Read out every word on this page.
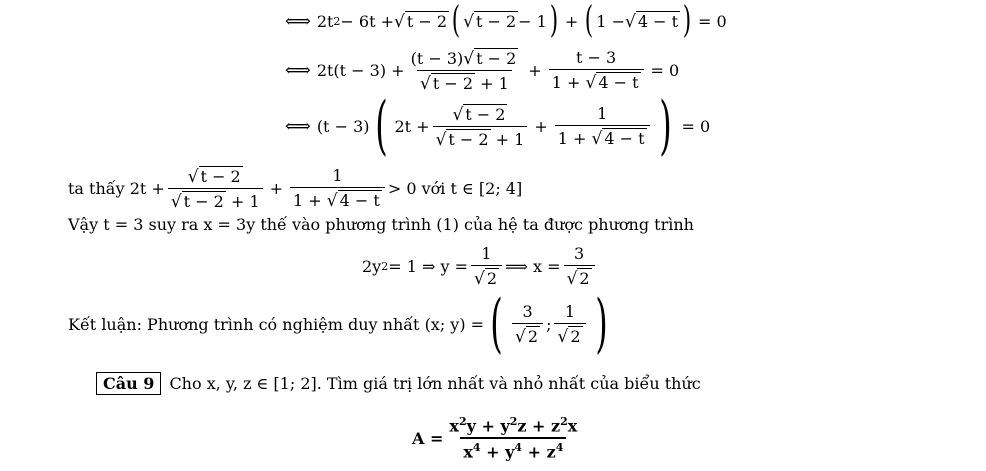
⟺ 2t 2 − 6t + √ t − 2 ( √ t − 2 − 1 ) + ( 1 − √ 4 − t ) = 0
⟺ $2t(t - 3) + \frac{(t - 3) √ t - 2}{√ t - 2 + 1} + \frac{t - 3}{1 + √ 4 - t} = 0$
⟺ (t − 3) ( $2t + \frac{√ t - 2}{√ t - 2 + 1} + \frac{1}{1 + √ 4 - t}$ ) = 0
ta thấy $2t + \frac{√ t - 2}{√ t - 2 + 1} + \frac{1}{1 + √ 4 - t} > 0$ với t ∈ [2; 4]
Vậy t = 3 suy ra x = 3y thế vào phương trình (1) của hệ ta được phương trình
2y 2 = 1 ⇒ $y = \frac{1}{√ 2}$ ⟹ $x = \frac{3}{√ 2}$
Kết luận: Phương trình có nghiệm duy nhất (x; y) = ( $\frac{3}{√ 2}$ ; $\frac{1}{√ 2}$ )
Câu 9 Cho x, y, z ∈ [1; 2]. Tìm giá trị lớn nhất và nhỏ nhất của biểu thức
$A = \frac{x^2y + y^2z + z^2x}{x^4 + y^4 + z^4}$
